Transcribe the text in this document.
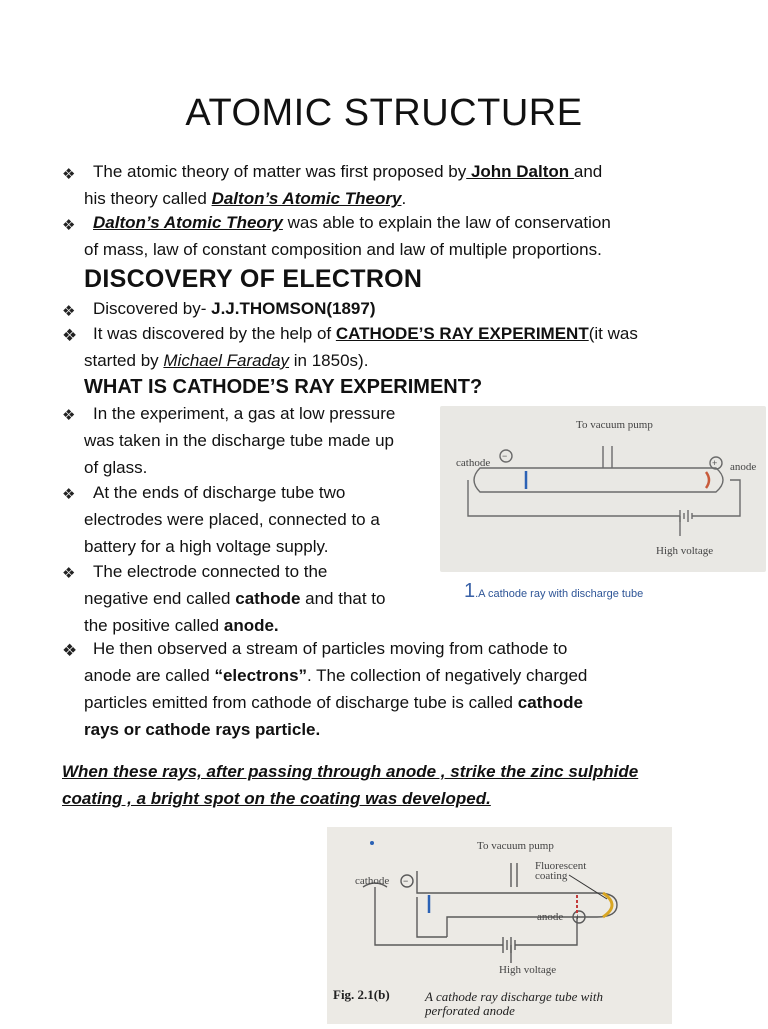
ATOMIC STRUCTURE
❖ The atomic theory of matter was first proposed by John Dalton and
his theory called Dalton’s Atomic Theory.
❖ Dalton’s Atomic Theory was able to explain the law of conservation
of mass, law of constant composition and law of multiple proportions.
DISCOVERY OF ELECTRON
❖ Discovered by- J.J.THOMSON(1897)
❖ It was discovered by the help of CATHODE’S RAY EXPERIMENT(it was
started by Michael Faraday in 1850s).
WHAT IS CATHODE’S RAY EXPERIMENT?
❖ In the experiment, a gas at low pressure
was taken in the discharge tube made up
of glass.
❖ At the ends of discharge tube two
electrodes were placed, connected to a
battery for a high voltage supply.
❖ The electrode connected to the
negative end called cathode and that to
the positive called anode.
❖ He then observed a stream of particles moving from cathode to
anode are called “electrons”. The collection of negatively charged
particles emitted from cathode of discharge tube is called cathode
rays or cathode rays particle.
−
+
To vacuum pump
cathode	anode
High voltage
1.A cathode ray with discharge tube
When these rays, after passing through anode , strike the zinc sulphide
coating , a bright spot on the coating was developed.
−
+
To vacuum pump
Fluorescent
coating
cathode
anode
High voltage
Fig. 2.1(b)	A cathode ray discharge tube with
perforated anode
